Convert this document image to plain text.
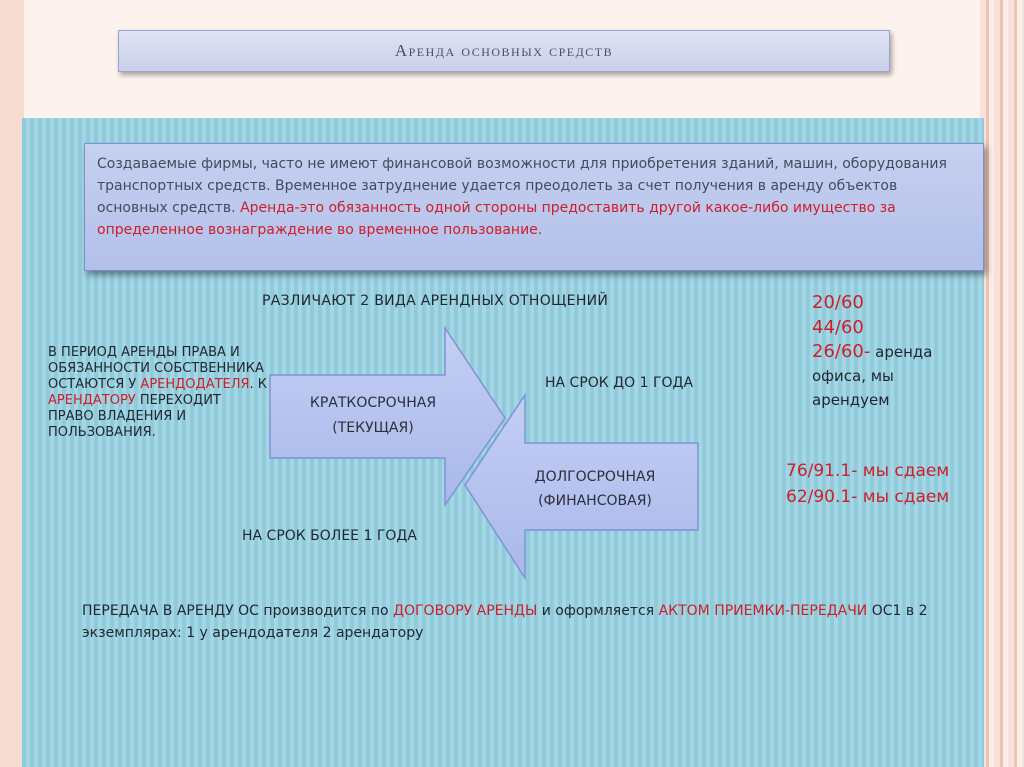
Аренда основных средств
Создаваемые фирмы, часто не имеют финансовой возможности для приобретения зданий, машин, оборудования транспортных средств. Временное затруднение удается преодолеть за счет получения в аренду объектов основных средств. Аренда-это обязанность одной стороны предоставить другой какое-либо имущество за определенное вознаграждение во временное пользование.

РАЗЛИЧАЮТ 2 ВИДА АРЕНДНЫХ ОТНОЩЕНИЙ

В ПЕРИОД АРЕНДЫ ПРАВА И ОБЯЗАННОСТИ СОБСТВЕННИКА ОСТАЮТСЯ У АРЕНДОДАТЕЛЯ. К АРЕНДАТОРУ ПЕРЕХОДИТ ПРАВО ВЛАДЕНИЯ И ПОЛЬЗОВАНИЯ.

КРАТКОСРОЧНАЯ
(ТЕКУЩАЯ)
ДОЛГОСРОЧНАЯ
(ФИНАНСОВАЯ)

НА СРОК ДО 1 ГОДА

НА СРОК БОЛЕЕ 1 ГОДА

20/60
44/60
26/60- аренда офиса, мы арендуем
76/91.1- мы сдаем
62/90.1- мы сдаем

ПЕРЕДАЧА В АРЕНДУ ОС производится по ДОГОВОРУ АРЕНДЫ и оформляется АКТОМ ПРИЕМКИ-ПЕРЕДАЧИ ОС1 в 2 экземплярах: 1 у арендодателя 2 арендатору
